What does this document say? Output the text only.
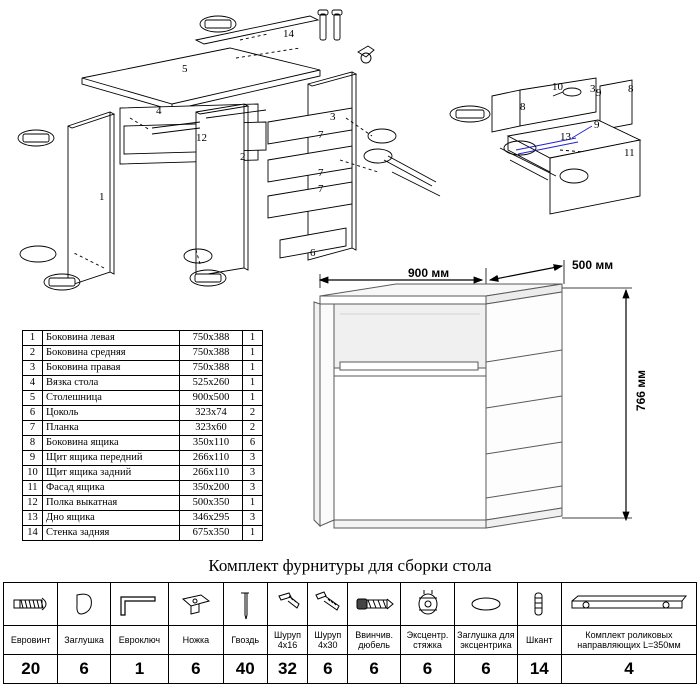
14
5
4
12
2
1
3
7
7
7
6
8
10	8
9
9
13
11
3
1	Боковина левая	750x388	1
2	Боковина средняя	750x388	1
3	Боковина правая	750x388	1
4	Вязка стола	525x260	1
5	Столешница	900x500	1
6	Цоколь	323x74	2
7	Планка	323x60	2
8	Боковина ящика	350x110	6
9	Щит ящика передний	266x110	3
10	Щит ящика задний	266x110	3
11	Фасад ящика	350x200	3
12	Полка выкатная	500x350	1
13	Дно ящика	346x295	3
14	Стенка задняя	675x350	1
900 мм
500 мм
766 мм
Комплект фурнитуры для сборки стола

Евровинт	Заглушка	Евроключ	Ножка	Гвоздь	Шуруп 4x16	Шуруп 4x30	Ввинчив. дюбель	Эксцентр. стяжка	Заглушка для эксцентрика	Шкант	Комплект роликовых направляющих L=350мм
20	6	1	6	40	32	6	6	6	6	14	4
